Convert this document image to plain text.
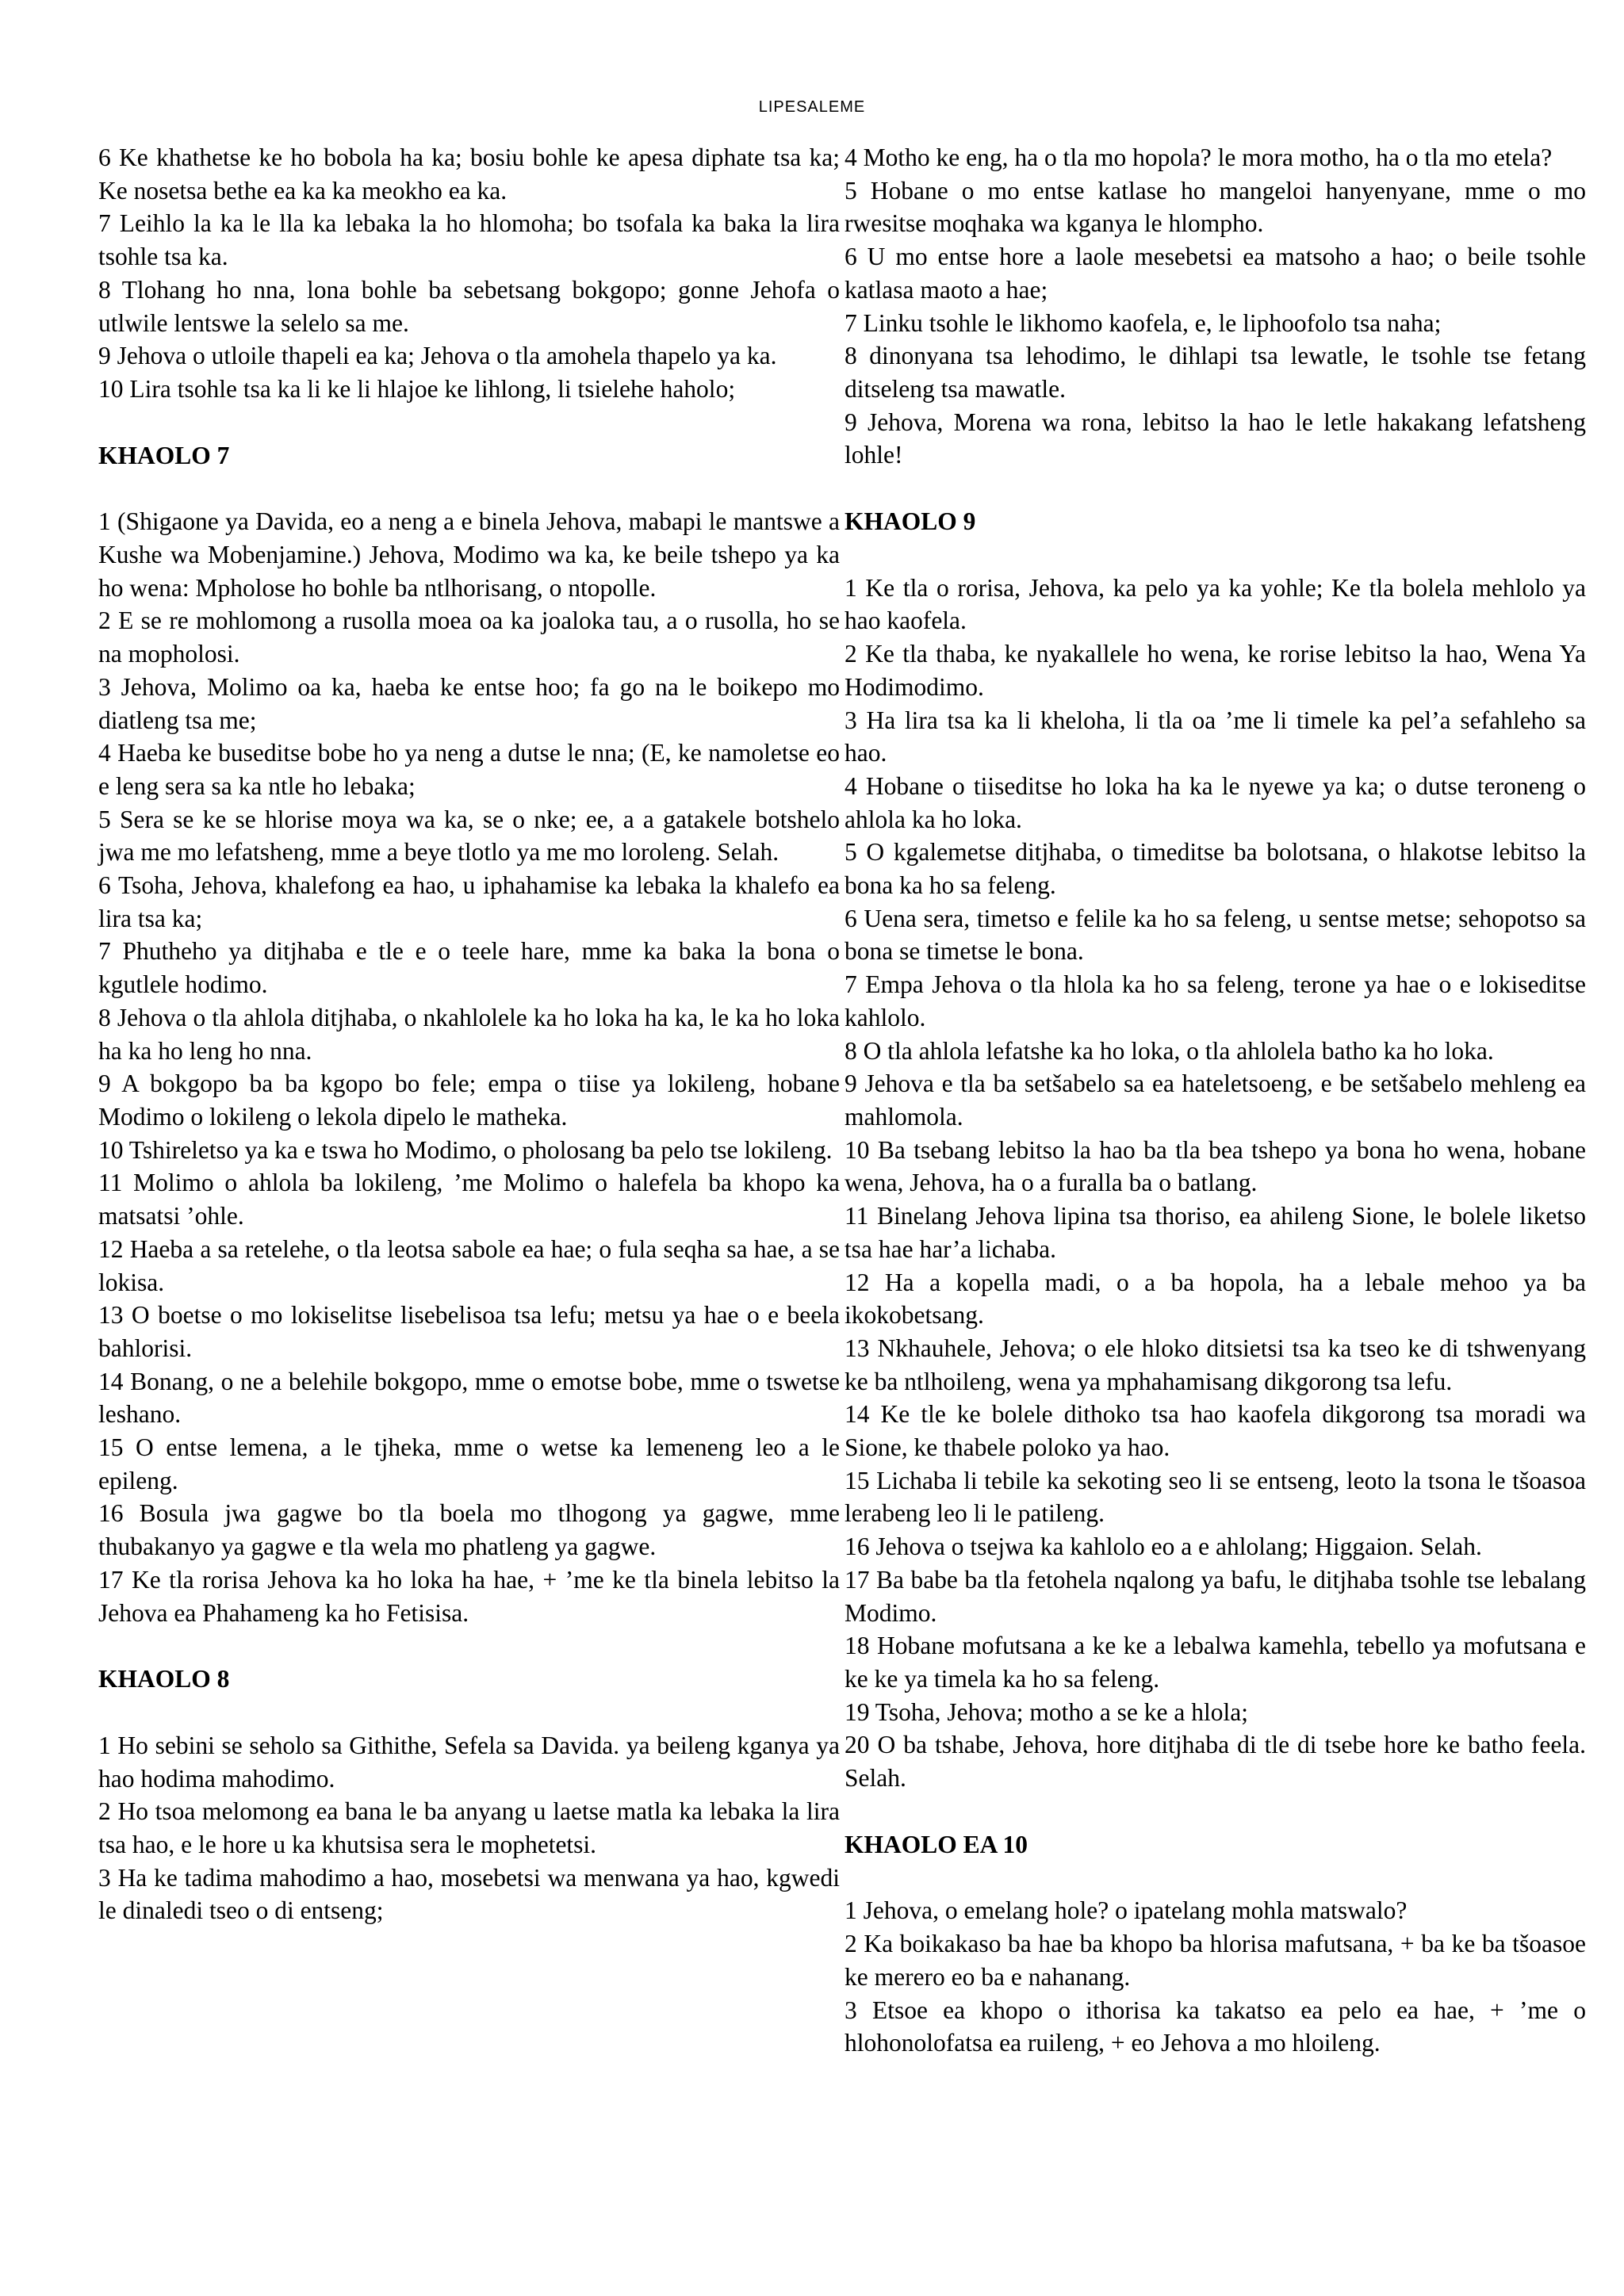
LIPESALEME

6 Ke khathetse ke ho bobola ha ka; bosiu bohle ke apesa diphate tsa ka; Ke nosetsa bethe ea ka ka meokho ea ka.

7 Leihlo la ka le lla ka lebaka la ho hlomoha; bo tsofala ka baka la lira tsohle tsa ka.

8 Tlohang ho nna, lona bohle ba sebetsang bokgopo; gonne Jehofa o utlwile lentswe la selelo sa me.

9 Jehova o utloile thapeli ea ka; Jehova o tla amohela thapelo ya ka.

10 Lira tsohle tsa ka li ke li hlajoe ke lihlong, li tsielehe haholo;

KHAOLO 7

1 (Shigaone ya Davida, eo a neng a e binela Jehova, mabapi le mantswe a Kushe wa Mobenjamine.) Jehova, Modimo wa ka, ke beile tshepo ya ka ho wena: Mpholose ho bohle ba ntlhorisang, o ntopolle.

2 E se re mohlomong a rusolla moea oa ka joaloka tau, a o rusolla, ho se na mopholosi.

3 Jehova, Molimo oa ka, haeba ke entse hoo; fa go na le boikepo mo diatleng tsa me;

4 Haeba ke buseditse bobe ho ya neng a dutse le nna; (E, ke namoletse eo e leng sera sa ka ntle ho lebaka;

5 Sera se ke se hlorise moya wa ka, se o nke; ee, a a gatakele botshelo jwa me mo lefatsheng, mme a beye tlotlo ya me mo loroleng. Selah.

6 Tsoha, Jehova, khalefong ea hao, u iphahamise ka lebaka la khalefo ea lira tsa ka;

7 Phutheho ya ditjhaba e tle e o teele hare, mme ka baka la bona o kgutlele hodimo.

8 Jehova o tla ahlola ditjhaba, o nkahlolele ka ho loka ha ka, le ka ho loka ha ka ho leng ho nna.

9 A bokgopo ba ba kgopo bo fele; empa o tiise ya lokileng, hobane Modimo o lokileng o lekola dipelo le matheka.

10 Tshireletso ya ka e tswa ho Modimo, o pholosang ba pelo tse lokileng.

11 Molimo o ahlola ba lokileng, ’me Molimo o halefela ba khopo ka matsatsi ’ohle.

12 Haeba a sa retelehe, o tla leotsa sabole ea hae; o fula seqha sa hae, a se lokisa.

13 O boetse o mo lokiselitse lisebelisoa tsa lefu; metsu ya hae o e beela bahlorisi.

14 Bonang, o ne a belehile bokgopo, mme o emotse bobe, mme o tswetse leshano.

15 O entse lemena, a le tjheka, mme o wetse ka lemeneng leo a le epileng.

16 Bosula jwa gagwe bo tla boela mo tlhogong ya gagwe, mme thubakanyo ya gagwe e tla wela mo phatleng ya gagwe.

17 Ke tla rorisa Jehova ka ho loka ha hae, + ’me ke tla binela lebitso la Jehova ea Phahameng ka ho Fetisisa.

KHAOLO 8

1 Ho sebini se seholo sa Githithe, Sefela sa Davida. ya beileng kganya ya hao hodima mahodimo.

2 Ho tsoa melomong ea bana le ba anyang u laetse matla ka lebaka la lira tsa hao, e le hore u ka khutsisa sera le mophetetsi.

3 Ha ke tadima mahodimo a hao, mosebetsi wa menwana ya hao, kgwedi le dinaledi tseo o di entseng;

4 Motho ke eng, ha o tla mo hopola? le mora motho, ha o tla mo etela?

5 Hobane o mo entse katlase ho mangeloi hanyenyane, mme o mo rwesitse moqhaka wa kganya le hlompho.

6 U mo entse hore a laole mesebetsi ea matsoho a hao; o beile tsohle katlasa maoto a hae;

7 Linku tsohle le likhomo kaofela, e, le liphoofolo tsa naha;

8 dinonyana tsa lehodimo, le dihlapi tsa lewatle, le tsohle tse fetang ditseleng tsa mawatle.

9 Jehova, Morena wa rona, lebitso la hao le letle hakakang lefatsheng lohle!

KHAOLO 9

1 Ke tla o rorisa, Jehova, ka pelo ya ka yohle; Ke tla bolela mehlolo ya hao kaofela.

2 Ke tla thaba, ke nyakallele ho wena, ke rorise lebitso la hao, Wena Ya Hodimodimo.

3 Ha lira tsa ka li kheloha, li tla oa ’me li timele ka pel’a sefahleho sa hao.

4 Hobane o tiiseditse ho loka ha ka le nyewe ya ka; o dutse teroneng o ahlola ka ho loka.

5 O kgalemetse ditjhaba, o timeditse ba bolotsana, o hlakotse lebitso la bona ka ho sa feleng.

6 Uena sera, timetso e felile ka ho sa feleng, u sentse metse; sehopotso sa bona se timetse le bona.

7 Empa Jehova o tla hlola ka ho sa feleng, terone ya hae o e lokiseditse kahlolo.

8 O tla ahlola lefatshe ka ho loka, o tla ahlolela batho ka ho loka.

9 Jehova e tla ba setšabelo sa ea hateletsoeng, e be setšabelo mehleng ea mahlomola.

10 Ba tsebang lebitso la hao ba tla bea tshepo ya bona ho wena, hobane wena, Jehova, ha o a furalla ba o batlang.

11 Binelang Jehova lipina tsa thoriso, ea ahileng Sione, le bolele liketso tsa hae har’a lichaba.

12 Ha a kopella madi, o a ba hopola, ha a lebale mehoo ya ba ikokobetsang.

13 Nkhauhele, Jehova; o ele hloko ditsietsi tsa ka tseo ke di tshwenyang ke ba ntlhoileng, wena ya mphahamisang dikgorong tsa lefu.

14 Ke tle ke bolele dithoko tsa hao kaofela dikgorong tsa moradi wa Sione, ke thabele poloko ya hao.

15 Lichaba li tebile ka sekoting seo li se entseng, leoto la tsona le tšoasoa lerabeng leo li le patileng.

16 Jehova o tsejwa ka kahlolo eo a e ahlolang; Higgaion. Selah.

17 Ba babe ba tla fetohela nqalong ya bafu, le ditjhaba tsohle tse lebalang Modimo.

18 Hobane mofutsana a ke ke a lebalwa kamehla, tebello ya mofutsana e ke ke ya timela ka ho sa feleng.

19 Tsoha, Jehova; motho a se ke a hlola;

20 O ba tshabe, Jehova, hore ditjhaba di tle di tsebe hore ke batho feela. Selah.

KHAOLO EA 10

1 Jehova, o emelang hole? o ipatelang mohla matswalo?

2 Ka boikakaso ba hae ba khopo ba hlorisa mafutsana, + ba ke ba tšoasoe ke merero eo ba e nahanang.

3 Etsoe ea khopo o ithorisa ka takatso ea pelo ea hae, + ’me o hlohonolofatsa ea ruileng, + eo Jehova a mo hloileng.
